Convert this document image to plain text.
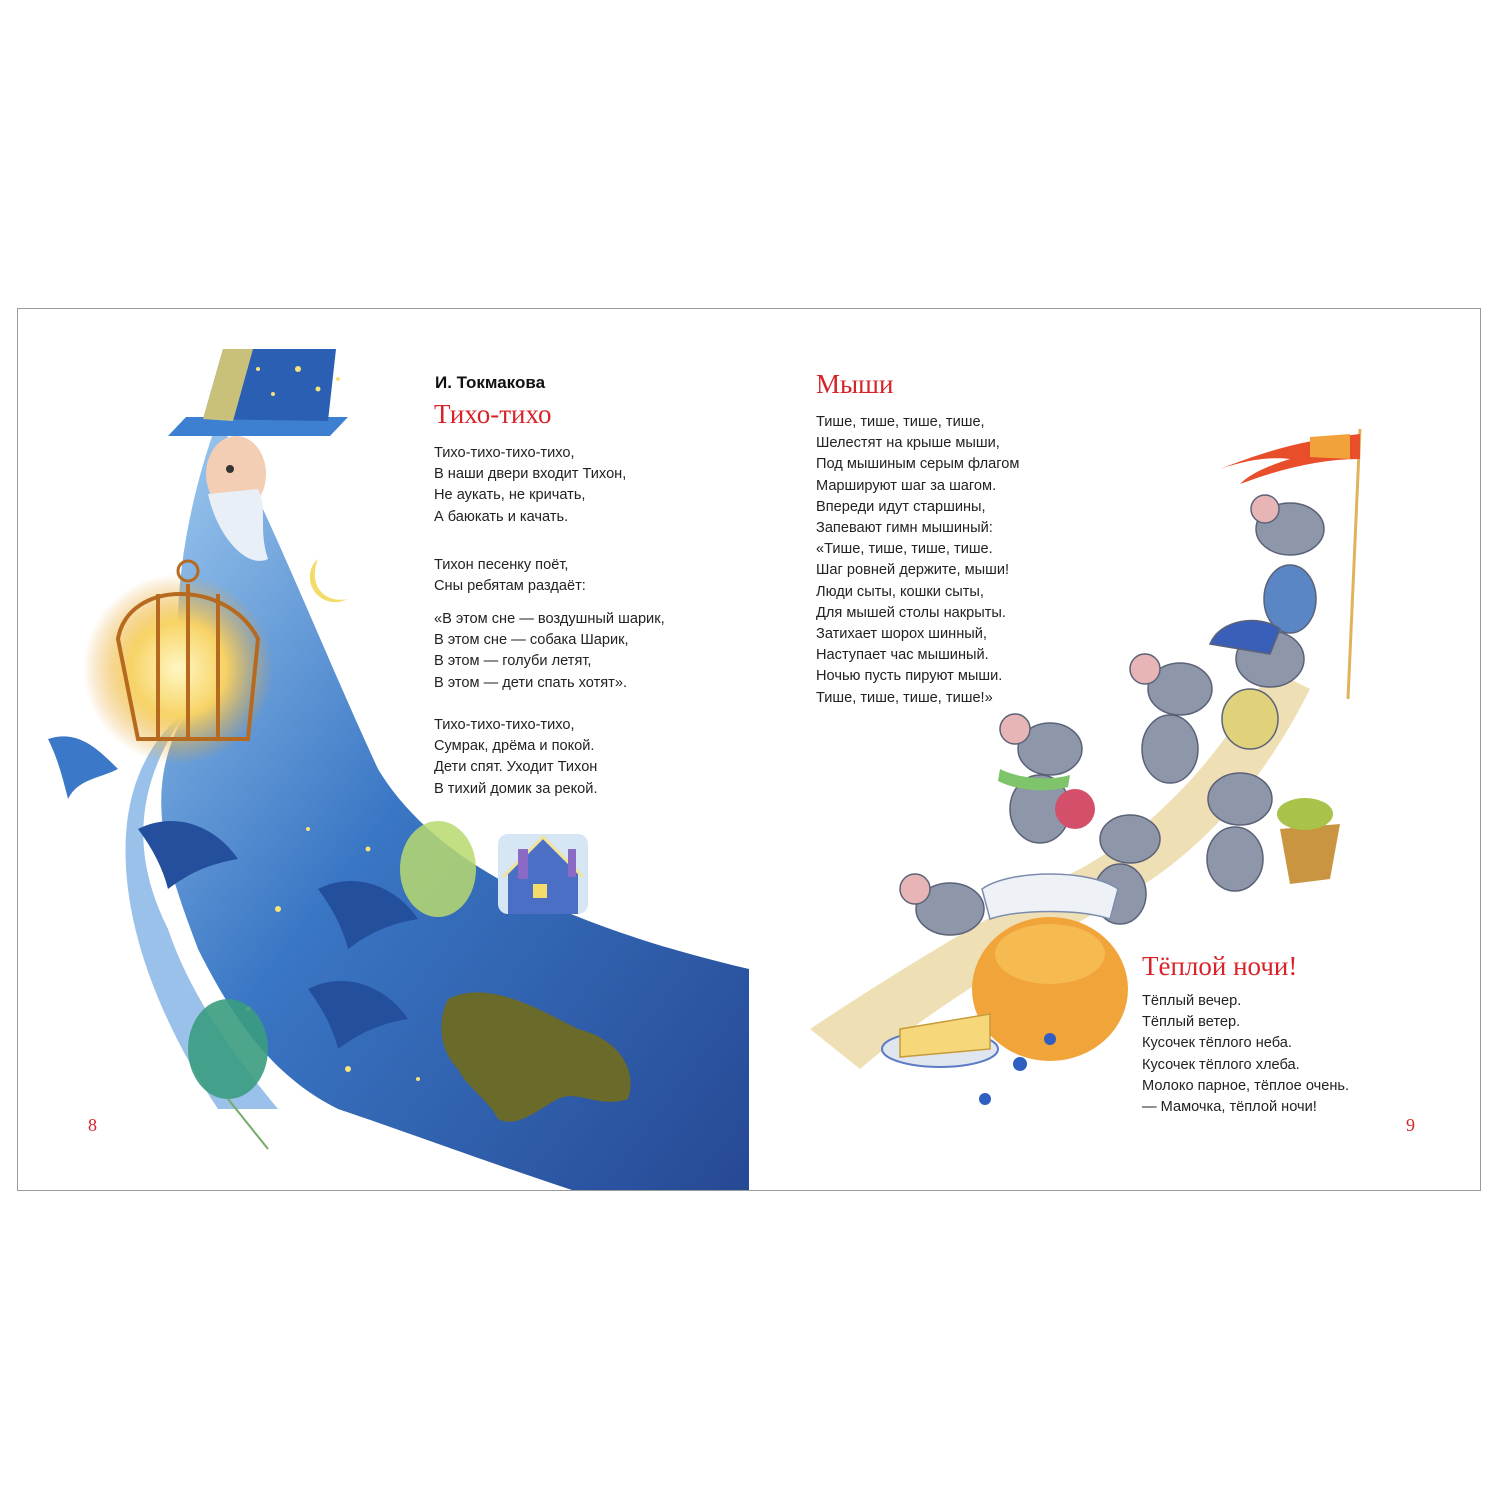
И. Токмакова
Тихо-тихо
Тихо-тихо-тихо-тихо,
В наши двери входит Тихон,
Не аукать, не кричать,
А баюкать и качать.
Тихон песенку поёт,
Сны ребятам раздаёт:
«В этом сне — воздушный шарик,
В этом сне — собака Шарик,
В этом — голуби летят,
В этом — дети спать хотят».
Тихо-тихо-тихо-тихо,
Сумрак, дрёма и покой.
Дети спят. Уходит Тихон
В тихий домик за рекой.
8
Мыши
Тише, тише, тише, тише,
Шелестят на крыше мыши,
Под мышиным серым флагом
Маршируют шаг за шагом.
Впереди идут старшины,
Запевают гимн мышиный:
«Тише, тише, тише, тише.
Шаг ровней держите, мыши!
Люди сыты, кошки сыты,
Для мышей столы накрыты.
Затихает шорох шинный,
Наступает час мышиный.
Ночью пусть пируют мыши.
Тише, тише, тише, тише!»
Тёплой ночи!
Тёплый вечер.
Тёплый ветер.
Кусочек тёплого неба.
Кусочек тёплого хлеба.
Молоко парное, тёплое очень.
— Мамочка, тёплой ночи!
9
